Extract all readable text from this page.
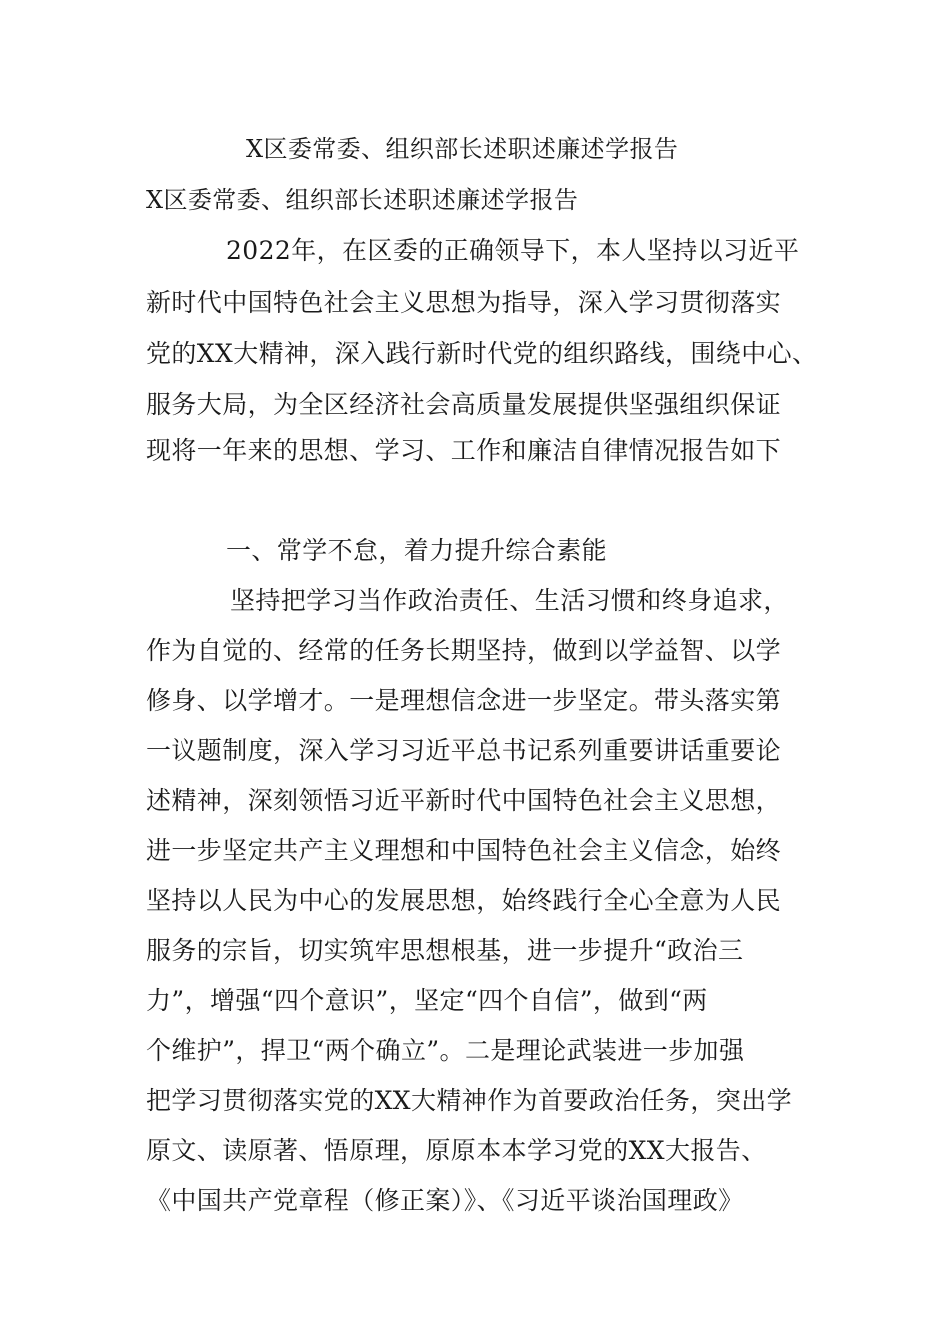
X区委常委、组织部长述职述廉述学报告
X区委常委、组织部长述职述廉述学报告
2022年，在区委的正确领导下，本人坚持以习近平
新时代中国特色社会主义思想为指导，深入学习贯彻落实
党的XX大精神，深入践行新时代党的组织路线，围绕中心、
服务大局，为全区经济社会高质量发展提供坚强组织保证
现将一年来的思想、学习、工作和廉洁自律情况报告如下
一、常学不怠，着力提升综合素能
坚持把学习当作政治责任、生活习惯和终身追求，
作为自觉的、经常的任务长期坚持，做到以学益智、以学
修身、以学增才。一是理想信念进一步坚定。带头落实第
一议题制度，深入学习习近平总书记系列重要讲话重要论
述精神，深刻领悟习近平新时代中国特色社会主义思想，
进一步坚定共产主义理想和中国特色社会主义信念，始终
坚持以人民为中心的发展思想，始终践行全心全意为人民
服务的宗旨，切实筑牢思想根基，进一步提升“政治三
力”，增强“四个意识”，坚定“四个自信”，做到“两
个维护”，捍卫“两个确立”。二是理论武装进一步加强
把学习贯彻落实党的XX大精神作为首要政治任务，突出学
原文、读原著、悟原理，原原本本学习党的XX大报告、
《中国共产党章程（修正案）》、《习近平谈治国理政》
